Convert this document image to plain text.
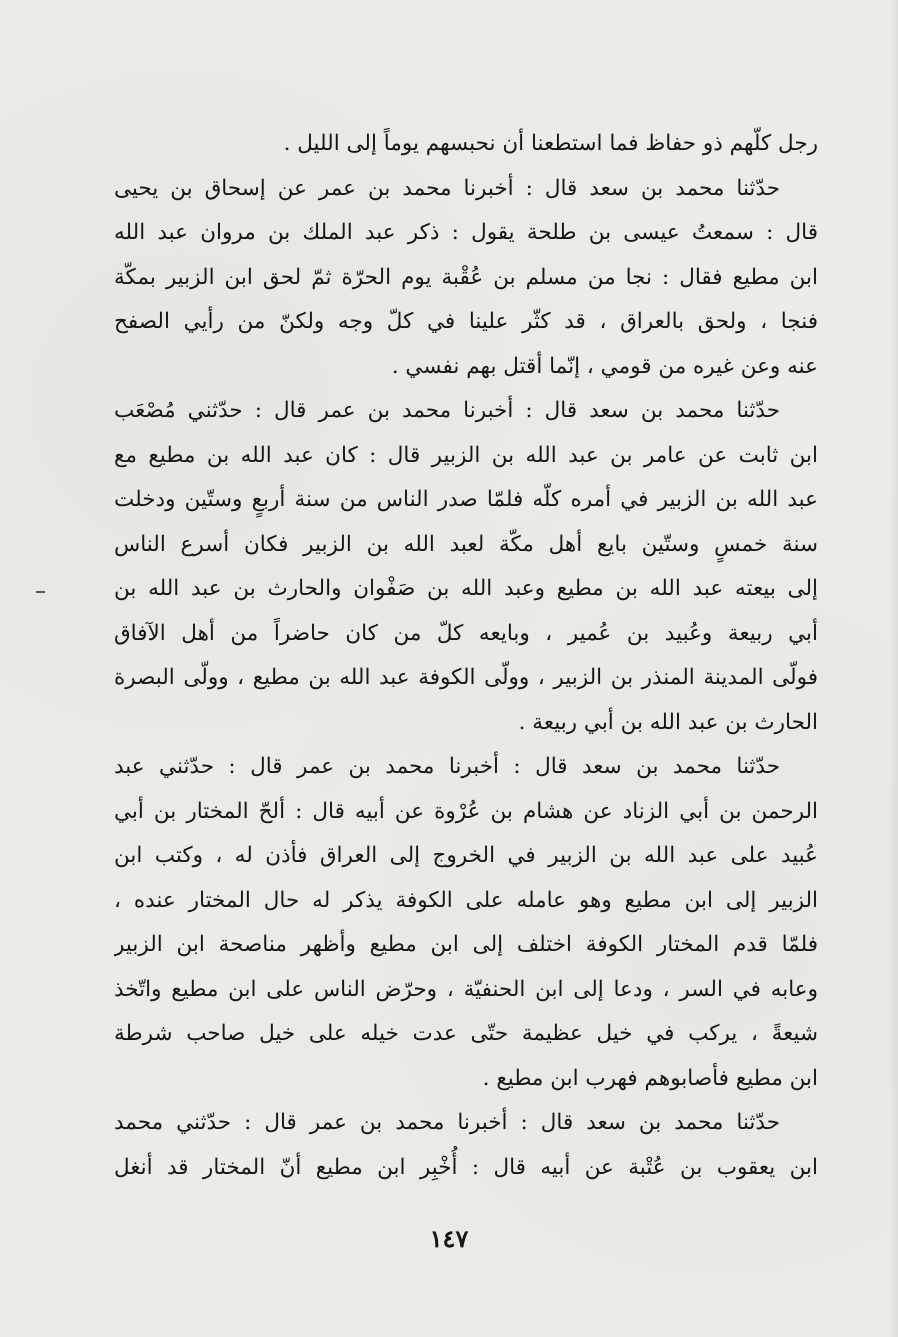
رجل كلّهم ذو حفاظ فما استطعنا أن نحبسهم يوماً إلى الليل .
حدّثنا محمد بن سعد قال : أخبرنا محمد بن عمر عن إسحاق بن يحيى
قال : سمعتُ عيسى بن طلحة يقول : ذكر عبد الملك بن مروان عبد الله
ابن مطيع فقال : نجا من مسلم بن عُقْبة يوم الحرّة ثمّ لحق ابن الزبير بمكّة
فنجا ، ولحق بالعراق ، قد كثّر علينا في كلّ وجه ولكنّ من رأيي الصفح
عنه وعن غيره من قومي ، إنّما أقتل بهم نفسي .
حدّثنا محمد بن سعد قال : أخبرنا محمد بن عمر قال : حدّثني مُصْعَب
ابن ثابت عن عامر بن عبد الله بن الزبير قال : كان عبد الله بن مطيع مع
عبد الله بن الزبير في أمره كلّه فلمّا صدر الناس من سنة أربعٍ وستّين ودخلت
سنة خمسٍ وستّين بايع أهل مكّة لعبد الله بن الزبير فكان أسرع الناس
إلى بيعته عبد الله بن مطيع وعبد الله بن صَفْوان والحارث بن عبد الله بن
أبي ربيعة وعُبيد بن عُمير ، وبايعه كلّ من كان حاضراً من أهل الآفاق
فولّى المدينة المنذر بن الزبير ، وولّى الكوفة عبد الله بن مطيع ، وولّى البصرة
الحارث بن عبد الله بن أبي ربيعة .
حدّثنا محمد بن سعد قال : أخبرنا محمد بن عمر قال : حدّثني عبد
الرحمن بن أبي الزناد عن هشام بن عُرْوة عن أبيه قال : ألحّ المختار بن أبي
عُبيد على عبد الله بن الزبير في الخروج إلى العراق فأذن له ، وكتب ابن
الزبير إلى ابن مطيع وهو عامله على الكوفة يذكر له حال المختار عنده ،
فلمّا قدم المختار الكوفة اختلف إلى ابن مطيع وأظهر مناصحة ابن الزبير
وعابه في السر ، ودعا إلى ابن الحنفيّة ، وحرّض الناس على ابن مطيع واتّخذ
شيعةً ، يركب في خيل عظيمة حتّى عدت خيله على خيل صاحب شرطة
ابن مطيع فأصابوهم فهرب ابن مطيع .
حدّثنا محمد بن سعد قال : أخبرنا محمد بن عمر قال : حدّثني محمد
ابن يعقوب بن عُتْبة عن أبيه قال : أُخْبِر ابن مطيع أنّ المختار قد أنغل
١٤٧
